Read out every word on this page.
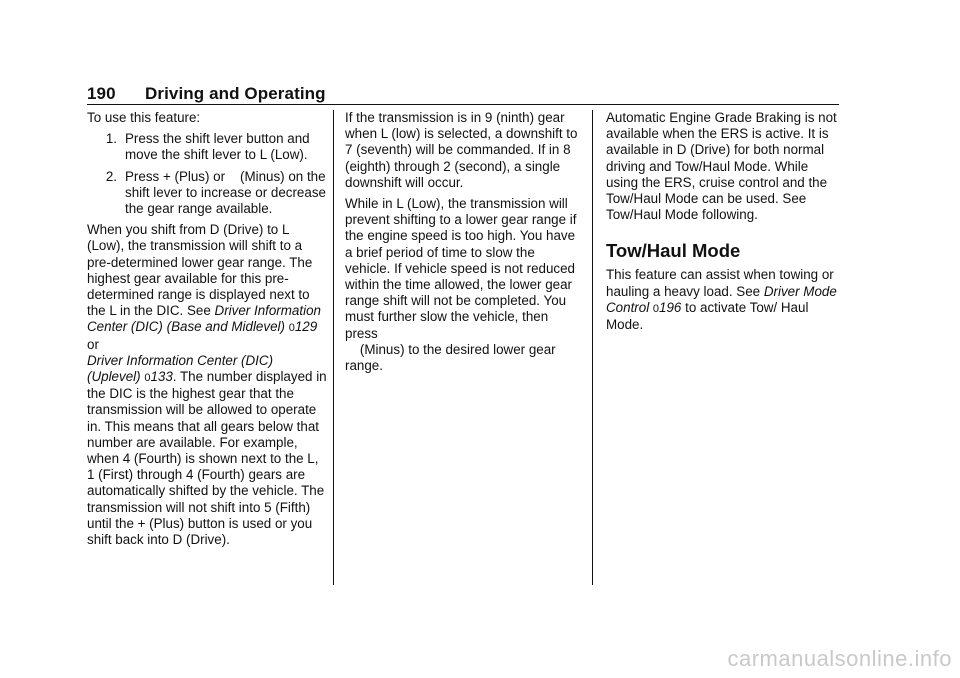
190 Driving and Operating

To use this feature:

1. Press the shift lever button and move the shift lever to L (Low).
2. Press + (Plus) or (Minus) on the shift lever to increase or decrease the gear range available.

When you shift from D (Drive) to L (Low), the transmission will shift to a pre-determined lower gear range. The highest gear available for this pre-determined range is displayed next to the L in the DIC. See Driver Information Center (DIC) (Base and Midlevel) 0129 or
Driver Information Center (DIC) (Uplevel) 0133. The number displayed in the DIC is the highest gear that the transmission will be allowed to operate in. This means that all gears below that number are available. For example, when 4 (Fourth) is shown next to the L, 1 (First) through 4 (Fourth) gears are automatically shifted by the vehicle. The transmission will not shift into 5 (Fifth) until the + (Plus) button is used or you shift back into D (Drive).

If the transmission is in 9 (ninth) gear when L (low) is selected, a downshift to 7 (seventh) will be commanded. If in 8 (eighth) through 2 (second), a single downshift will occur.

While in L (Low), the transmission will prevent shifting to a lower gear range if the engine speed is too high. You have a brief period of time to slow the vehicle. If vehicle speed is not reduced within the time allowed, the lower gear range shift will not be completed. You must further slow the vehicle, then press
(Minus) to the desired lower gear range.

Automatic Engine Grade Braking is not available when the ERS is active. It is available in D (Drive) for both normal driving and Tow/Haul Mode. While using the ERS, cruise control and the Tow/Haul Mode can be used. See Tow/Haul Mode following.

Tow/Haul Mode

This feature can assist when towing or hauling a heavy load. See Driver Mode Control 0196 to activate Tow/ Haul Mode.

carmanualsonline.info
